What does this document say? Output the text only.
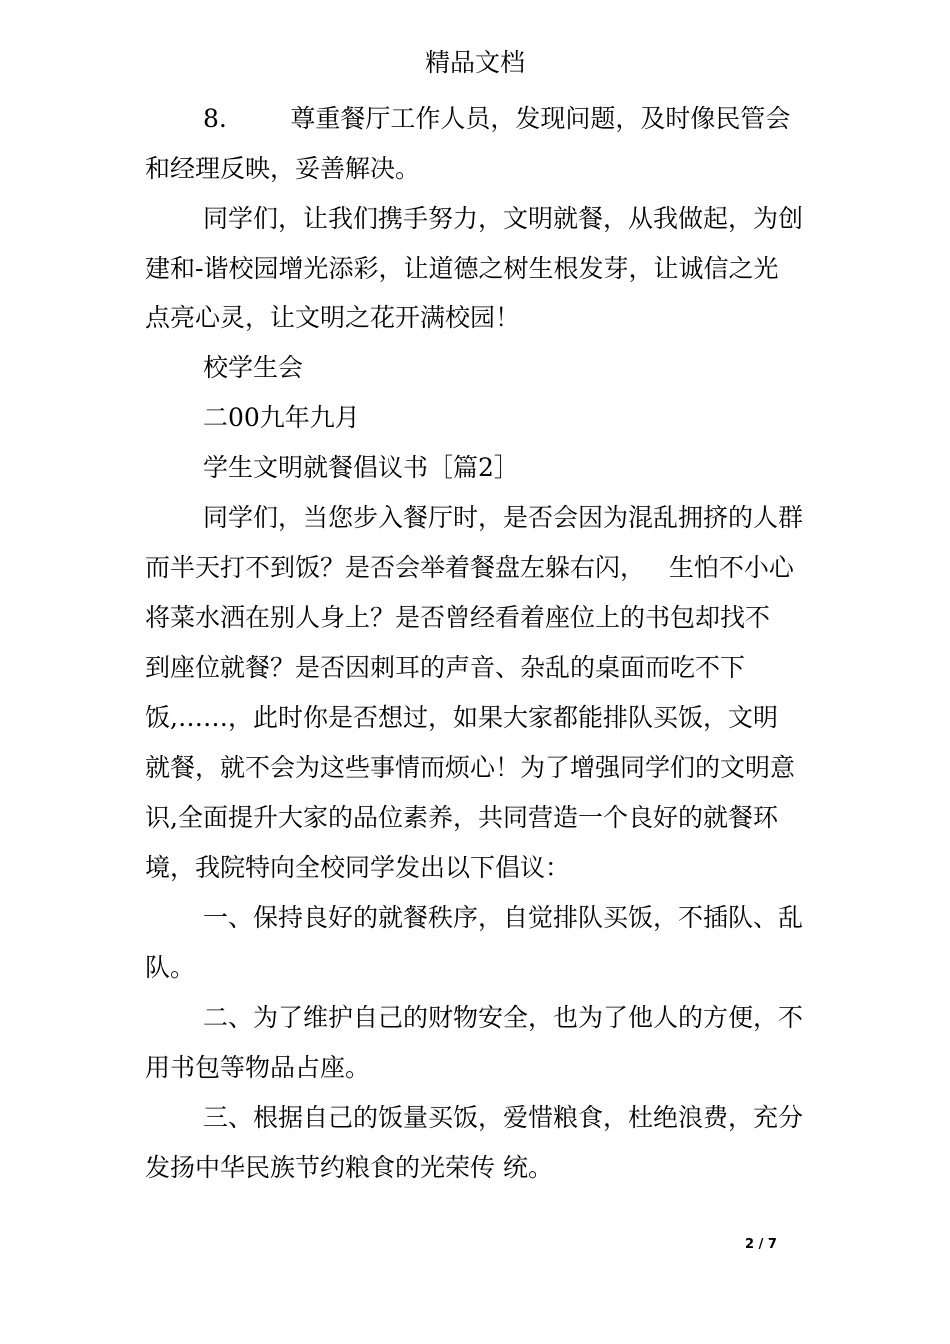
精品文档
8.        尊重餐厅工作人员，发现问题，及时像民管会
和经理反映，妥善解决。
同学们，让我们携手努力，文明就餐，从我做起，为创
建和-谐校园增光添彩，让道德之树生根发芽，让诚信之光
点亮心灵，让文明之花开满校园！
校学生会
二00九年九月
学生文明就餐倡议书［篇2］
同学们，当您步入餐厅时，是否会因为混乱拥挤的人群
而半天打不到饭？是否会举着餐盘左躲右闪，   生怕不小心
将菜水洒在别人身上？是否曾经看着座位上的书包却找不
到座位就餐？是否因刺耳的声音、杂乱的桌面而吃不下
饭,……，此时你是否想过，如果大家都能排队买饭，文明
就餐，就不会为这些事情而烦心！为了增强同学们的文明意
识,全面提升大家的品位素养，共同营造一个良好的就餐环
境，我院特向全校同学发出以下倡议：
一、保持良好的就餐秩序，自觉排队买饭，不插队、乱
队。
二、为了维护自己的财物安全，也为了他人的方便，不
用书包等物品占座。
三、根据自己的饭量买饭，爱惜粮食，杜绝浪费，充分
发扬中华民族节约粮食的光荣传 统。
2 / 7
